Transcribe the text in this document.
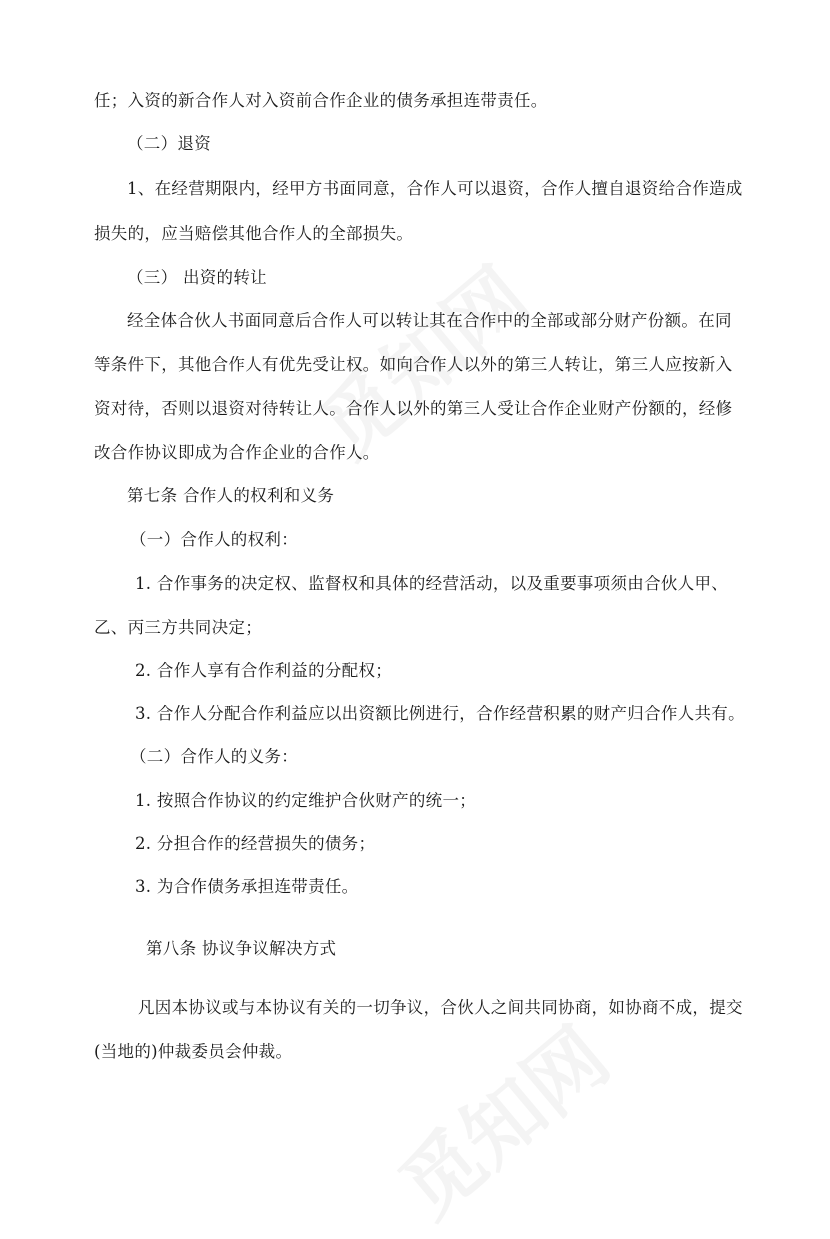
任；入资的新合作人对入资前合作企业的债务承担连带责任。
（二）退资
1、在经营期限内，经甲方书面同意，合作人可以退资，合作人擅自退资给合作造成
损失的，应当赔偿其他合作人的全部损失。
（三） 出资的转让
经全体合伙人书面同意后合作人可以转让其在合作中的全部或部分财产份额。在同
等条件下，其他合作人有优先受让权。如向合作人以外的第三人转让，第三人应按新入
资对待，否则以退资对待转让人。合作人以外的第三人受让合作企业财产份额的，经修
改合作协议即成为合作企业的合作人。
第七条 合作人的权利和义务
（一）合作人的权利：
1. 合作事务的决定权、监督权和具体的经营活动，以及重要事项须由合伙人甲、
乙、丙三方共同决定；
2. 合作人享有合作利益的分配权；
3. 合作人分配合作利益应以出资额比例进行，合作经营积累的财产归合作人共有。
（二）合作人的义务：
1. 按照合作协议的约定维护合伙财产的统一；
2. 分担合作的经营损失的债务；
3. 为合作债务承担连带责任。
第八条 协议争议解决方式
凡因本协议或与本协议有关的一切争议，合伙人之间共同协商，如协商不成，提交
(当地的)仲裁委员会仲裁。
